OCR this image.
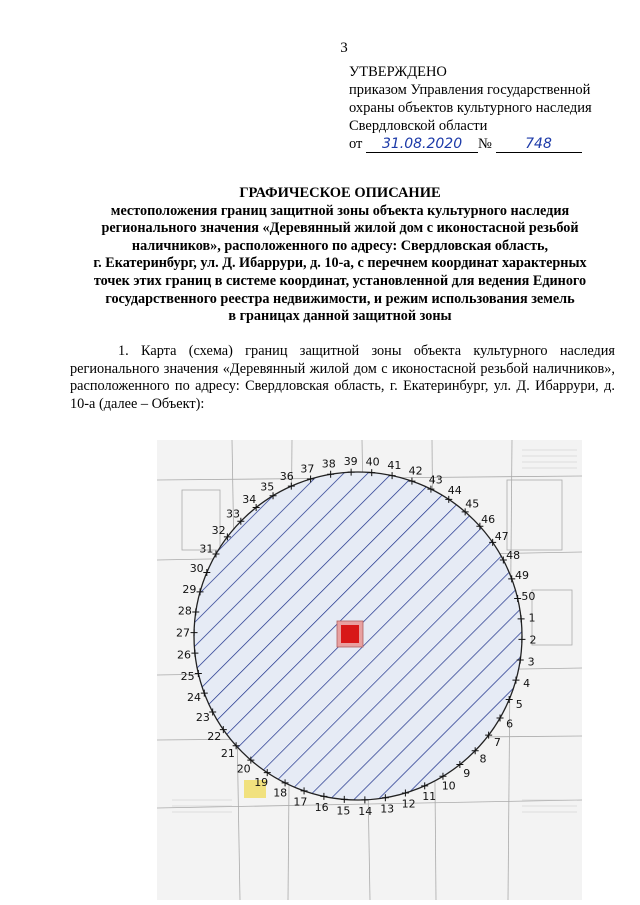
3
УТВЕРЖДЕНО
приказом Управления государственной
охраны объектов культурного наследия
Свердловской области
от 31.08.2020 № 748
ГРАФИЧЕСКОЕ ОПИСАНИЕ
местоположения границ защитной зоны объекта культурного наследия
регионального значения «Деревянный жилой дом с иконостасной резьбой
наличников», расположенного по адресу: Свердловская область,
г. Екатеринбург, ул. Д. Ибаррури, д. 10-а, с перечнем координат характерных
точек этих границ в системе координат, установленной для ведения Единого
государственного реестра недвижимости, и режим использования земель
в границах данной защитной зоны
1. Карта (схема) границ защитной зоны объекта культурного наследия регионального значения «Деревянный жилой дом с иконостасной резьбой наличников», расположенного по адресу: Свердловская область, г. Екатеринбург, ул. Д. Ибаррури, д. 10-а (далее – Объект):
1
2
3
4
5
6
7
8
9
10
11
12
13
14
15
16
17
18
19
20
21
22
23
24
25
26
27
28
29
30
31
32
33
34
35
36
37 38 39 40 41 42
43
44
45
46
47
48
49
50
